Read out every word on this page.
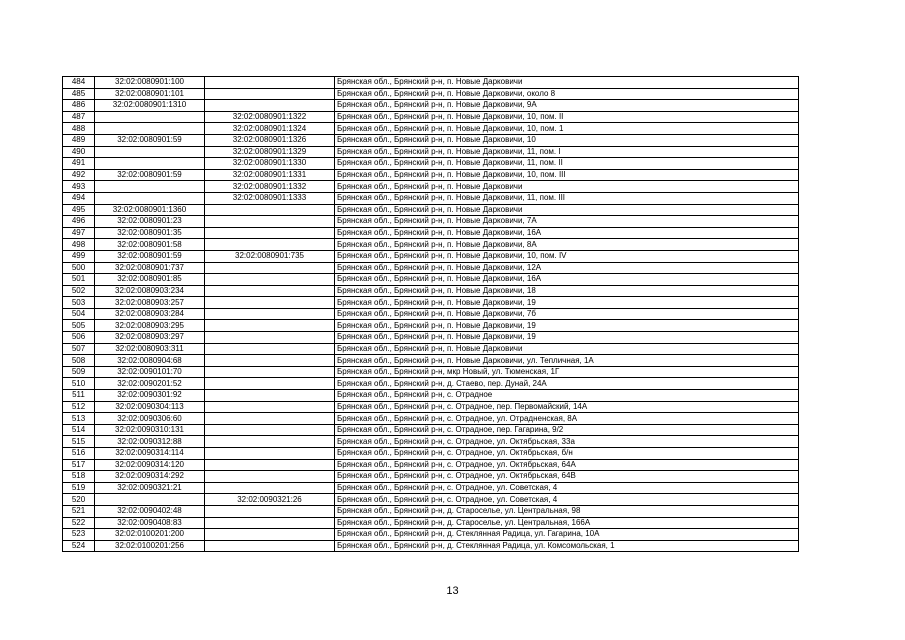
484	32:02:0080901:100		Брянская обл., Брянский р-н, п. Новые Дарковичи
485	32:02:0080901:101		Брянская обл., Брянский р-н, п. Новые Дарковичи, около 8
486	32:02:0080901:1310		Брянская обл., Брянский р-н, п. Новые Дарковичи, 9А
487		32:02:0080901:1322	Брянская обл., Брянский р-н, п. Новые Дарковичи, 10, пом. II
488		32:02:0080901:1324	Брянская обл., Брянский р-н, п. Новые Дарковичи, 10, пом. 1
489	32:02:0080901:59	32:02:0080901:1326	Брянская обл., Брянский р-н, п. Новые Дарковичи, 10
490		32:02:0080901:1329	Брянская обл., Брянский р-н, п. Новые Дарковичи, 11, пом. I
491		32:02:0080901:1330	Брянская обл., Брянский р-н, п. Новые Дарковичи, 11, пом. II
492	32:02:0080901:59	32:02:0080901:1331	Брянская обл., Брянский р-н, п. Новые Дарковичи, 10, пом. III
493		32:02:0080901:1332	Брянская обл., Брянский р-н, п. Новые Дарковичи
494		32:02:0080901:1333	Брянская обл., Брянский р-н, п. Новые Дарковичи, 11, пом. III
495	32:02:0080901:1360		Брянская обл., Брянский р-н, п. Новые Дарковичи
496	32:02:0080901:23		Брянская обл., Брянский р-н, п. Новые Дарковичи, 7А
497	32:02:0080901:35		Брянская обл., Брянский р-н, п. Новые Дарковичи, 16А
498	32:02:0080901:58		Брянская обл., Брянский р-н, п. Новые Дарковичи, 8А
499	32:02:0080901:59	32:02:0080901:735	Брянская обл., Брянский р-н, п. Новые Дарковичи, 10, пом. IV
500	32:02:0080901:737		Брянская обл., Брянский р-н, п. Новые Дарковичи, 12А
501	32:02:0080901:85		Брянская обл., Брянский р-н, п. Новые Дарковичи, 16А
502	32:02:0080903:234		Брянская обл., Брянский р-н, п. Новые Дарковичи, 18
503	32:02:0080903:257		Брянская обл., Брянский р-н, п. Новые Дарковичи, 19
504	32:02:0080903:284		Брянская обл., Брянский р-н, п. Новые Дарковичи, 7б
505	32:02:0080903:295		Брянская обл., Брянский р-н, п. Новые Дарковичи, 19
506	32:02:0080903:297		Брянская обл., Брянский р-н, п. Новые Дарковичи, 19
507	32:02:0080903:311		Брянская обл., Брянский р-н, п. Новые Дарковичи
508	32:02:0080904:68		Брянская обл., Брянский р-н, п. Новые Дарковичи, ул. Тепличная, 1А
509	32:02:0090101:70		Брянская обл., Брянский р-н, мкр Новый, ул. Тюменская, 1Г
510	32:02:0090201:52		Брянская обл., Брянский р-н, д. Стаево, пер. Дунай, 24А
511	32:02:0090301:92		Брянская обл., Брянский р-н, с. Отрадное
512	32:02:0090304:113		Брянская обл., Брянский р-н, с. Отрадное, пер. Первомайский, 14А
513	32:02:0090306:60		Брянская обл., Брянский р-н, с. Отрадное, ул. Отрадненская, 8А
514	32:02:0090310:131		Брянская обл., Брянский р-н, с. Отрадное, пер. Гагарина, 9/2
515	32:02:0090312:88		Брянская обл., Брянский р-н, с. Отрадное, ул. Октябрьская, 33а
516	32:02:0090314:114		Брянская обл., Брянский р-н, с. Отрадное, ул. Октябрьская, б/н
517	32:02:0090314:120		Брянская обл., Брянский р-н, с. Отрадное, ул. Октябрьская, 64А
518	32:02:0090314:292		Брянская обл., Брянский р-н, с. Отрадное, ул. Октябрьская, 64В
519	32:02:0090321:21		Брянская обл., Брянский р-н, с. Отрадное, ул. Советская, 4
520		32:02:0090321:26	Брянская обл., Брянский р-н, с. Отрадное, ул. Советская, 4
521	32:02:0090402:48		Брянская обл., Брянский р-н, д. Староселье, ул. Центральная, 98
522	32:02:0090408:83		Брянская обл., Брянский р-н, д. Староселье, ул. Центральная, 166А
523	32:02:0100201:200		Брянская обл., Брянский р-н, д. Стеклянная Радица, ул. Гагарина, 10А
524	32:02:0100201:256		Брянская обл., Брянский р-н, д. Стеклянная Радица, ул. Комсомольская, 1
13
